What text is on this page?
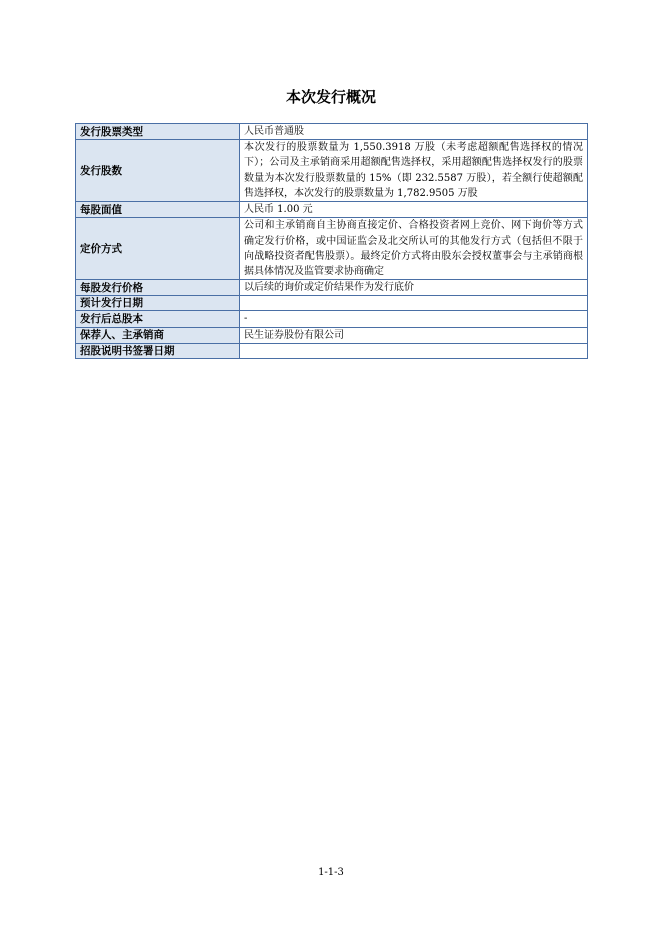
本次发行概况
发行股票类型	人民币普通股
发行股数	本次发行的股票数量为 1,550.3918 万股（未考虑超额配售选择权的情况下）；公司及主承销商采用超额配售选择权，采用超额配售选择权发行的股票数量为本次发行股票数量的 15%（即 232.5587 万股），若全额行使超额配售选择权，本次发行的股票数量为 1,782.9505 万股
每股面值	人民币 1.00 元
定价方式	公司和主承销商自主协商直接定价、合格投资者网上竞价、网下询价等方式确定发行价格，或中国证监会及北交所认可的其他发行方式（包括但不限于向战略投资者配售股票）。最终定价方式将由股东会授权董事会与主承销商根据具体情况及监管要求协商确定
每股发行价格	以后续的询价或定价结果作为发行底价
预计发行日期	
发行后总股本	-
保荐人、主承销商	民生证券股份有限公司
招股说明书签署日期	
1-1-3
